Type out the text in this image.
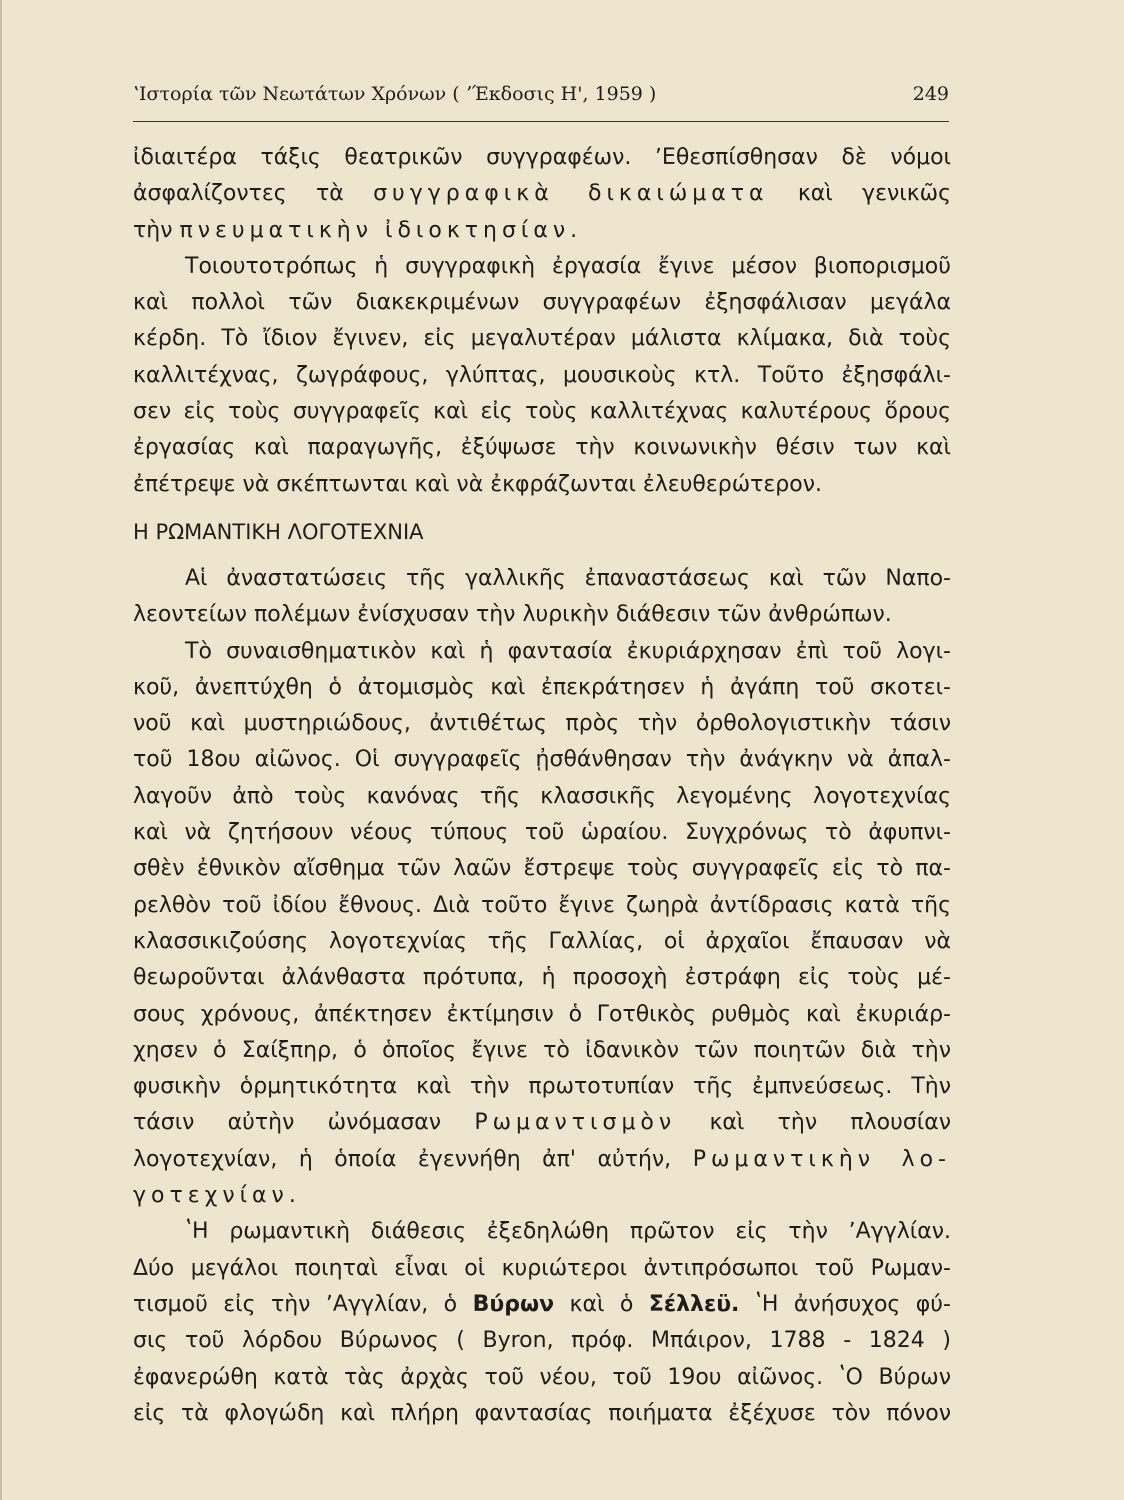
ʽΙστορία τῶν Νεωτάτων Χρόνων ( ʼΈκδοσις Η', 1959 )	249
ἰδιαιτέρα τάξις θεατρικῶν συγγραφέων. ʼΕθεσπίσθησαν δὲ νόμοι
ἀσφαλίζοντες τὰ συγγραφικὰ δικαιώματα καὶ γενικῶς
τὴν πνευματικὴν ἰδιοκτησίαν.
Τοιουτοτρόπως ἡ συγγραφικὴ ἐργασία ἔγινε μέσον βιοπορισμοῦ
καὶ πολλοὶ τῶν διακεκριμένων συγγραφέων ἐξησφάλισαν μεγάλα
κέρδη. Τὸ ἴδιον ἔγινεν, εἰς μεγαλυτέραν μάλιστα κλίμακα, διὰ τοὺς
καλλιτέχνας, ζωγράφους, γλύπτας, μουσικοὺς κτλ. Τοῦτο ἐξησφάλι-
σεν εἰς τοὺς συγγραφεῖς καὶ εἰς τοὺς καλλιτέχνας καλυτέρους ὅρους
ἐργασίας καὶ παραγωγῆς, ἐξύψωσε τὴν κοινωνικὴν θέσιν των καὶ
ἐπέτρεψε νὰ σκέπτωνται καὶ νὰ ἐκφράζωνται ἐλευθερώτερον.
Η ΡΩΜΑΝΤΙΚΗ ΛΟΓΟΤΕΧΝΙΑ
Αἱ ἀναστατώσεις τῆς γαλλικῆς ἐπαναστάσεως καὶ τῶν Ναπο-
λεοντείων πολέμων ἐνίσχυσαν τὴν λυρικὴν διάθεσιν τῶν ἀνθρώπων.
Τὸ συναισθηματικὸν καὶ ἡ φαντασία ἐκυριάρχησαν ἐπὶ τοῦ λογι-
κοῦ, ἀνεπτύχθη ὁ ἀτομισμὸς καὶ ἐπεκράτησεν ἡ ἀγάπη τοῦ σκοτει-
νοῦ καὶ μυστηριώδους, ἀντιθέτως πρὸς τὴν ὀρθολογιστικὴν τάσιν
τοῦ 18ου αἰῶνος. Οἱ συγγραφεῖς ᾐσθάνθησαν τὴν ἀνάγκην νὰ ἀπαλ-
λαγοῦν ἀπὸ τοὺς κανόνας τῆς κλασσικῆς λεγομένης λογοτεχνίας
καὶ νὰ ζητήσουν νέους τύπους τοῦ ὡραίου. Συγχρόνως τὸ ἀφυπνι-
σθὲν ἐθνικὸν αἴσθημα τῶν λαῶν ἔστρεψε τοὺς συγγραφεῖς εἰς τὸ πα-
ρελθὸν τοῦ ἰδίου ἔθνους. Διὰ τοῦτο ἔγινε ζωηρὰ ἀντίδρασις κατὰ τῆς
κλασσικιζούσης λογοτεχνίας τῆς Γαλλίας, οἱ ἀρχαῖοι ἔπαυσαν νὰ
θεωροῦνται ἀλάνθαστα πρότυπα, ἡ προσοχὴ ἐστράφη εἰς τοὺς μέ-
σους χρόνους, ἀπέκτησεν ἐκτίμησιν ὁ Γοτθικὸς ρυθμὸς καὶ ἐκυριάρ-
χησεν ὁ Σαίξπηρ, ὁ ὁποῖος ἔγινε τὸ ἰδανικὸν τῶν ποιητῶν διὰ τὴν
φυσικὴν ὁρμητικότητα καὶ τὴν πρωτοτυπίαν τῆς ἐμπνεύσεως. Τὴν
τάσιν αὐτὴν ὠνόμασαν Ρωμαντισμὸν καὶ τὴν πλουσίαν
λογοτεχνίαν, ἡ ὁποία ἐγεννήθη ἀπ' αὐτήν, Ρωμαντικὴν λο-
γοτεχνίαν.
ʽΗ ρωμαντικὴ διάθεσις ἐξεδηλώθη πρῶτον εἰς τὴν ʼΑγγλίαν.
Δύο μεγάλοι ποιηταὶ εἶναι οἱ κυριώτεροι ἀντιπρόσωποι τοῦ Ρωμαν-
τισμοῦ εἰς τὴν ʼΑγγλίαν, ὁ Βύρων καὶ ὁ Σέλλεϋ. ʽΗ ἀνήσυχος φύ-
σις τοῦ λόρδου Βύρωνος ( Byron, πρόφ. Μπάιρον, 1788 - 1824 )
ἐφανερώθη κατὰ τὰς ἀρχὰς τοῦ νέου, τοῦ 19ου αἰῶνος. ʽΟ Βύρων
εἰς τὰ φλογώδη καὶ πλήρη φαντασίας ποιήματα ἐξέχυσε τὸν πόνον
